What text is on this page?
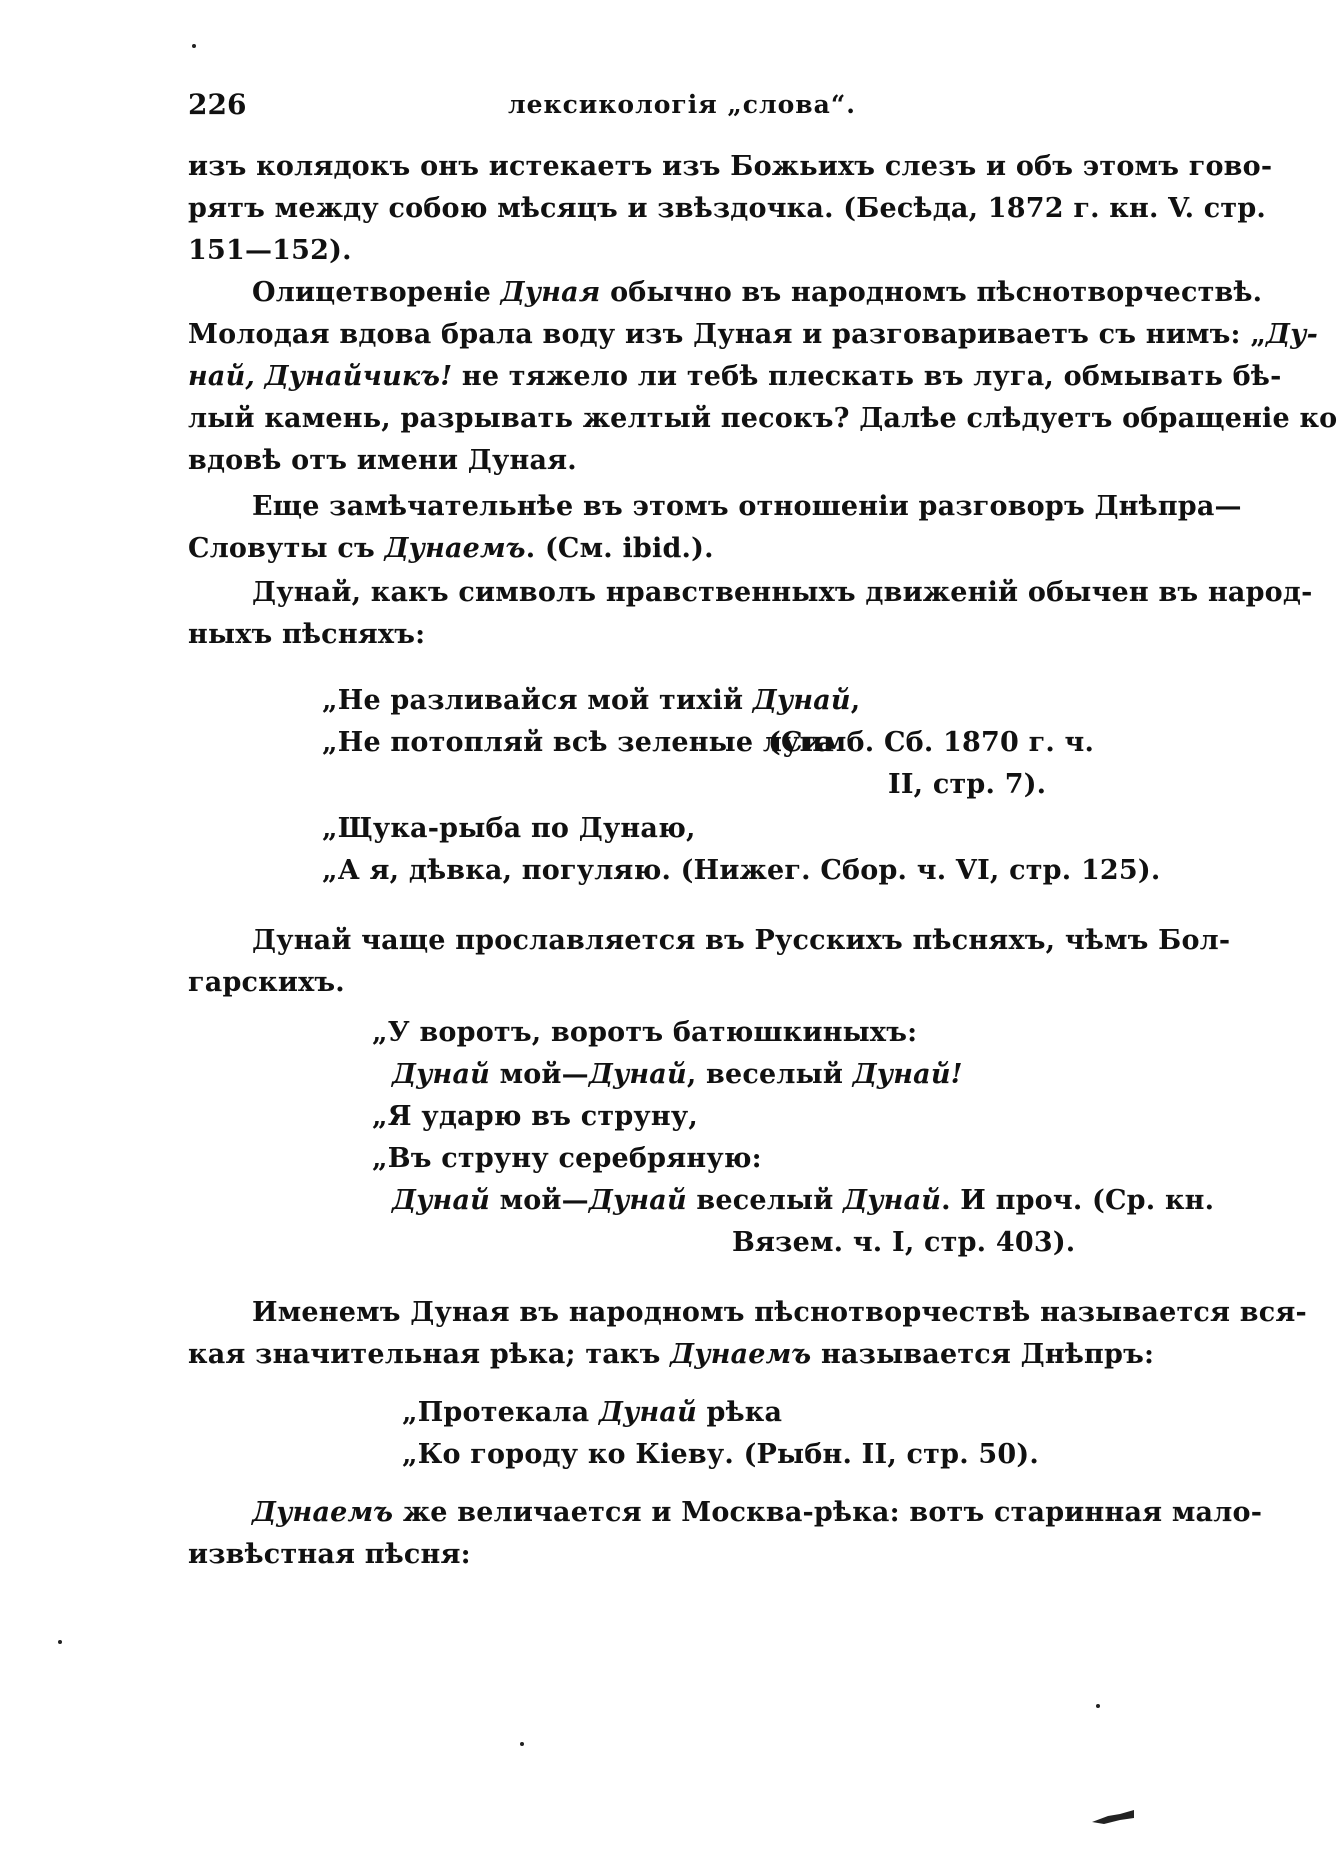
226	лексикологія „слова“.
изъ колядокъ онъ истекаетъ изъ Божьихъ слезъ и объ этомъ гово-
рятъ между собою мѣсяцъ и звѣздочка. (Бесѣда, 1872 г. кн. V. стр.
151—152).
Олицетвореніе Дуная обычно въ народномъ пѣснотворчествѣ.
Молодая вдова брала воду изъ Дуная и разговариваетъ съ нимъ: „Ду-
най, Дунайчикъ! не тяжело ли тебѣ плескать въ луга, обмывать бѣ-
лый камень, разрывать желтый песокъ? Далѣе слѣдуетъ обращеніе ко
вдовѣ отъ имени Дуная.
Еще замѣчательнѣе въ этомъ отношеніи разговоръ Днѣпра—
Словуты съ Дунаемъ. (См. ibid.).
Дунай, какъ символъ нравственныхъ движеній обычен въ народ-
ныхъ пѣсняхъ:
„Не разливайся мой тихій Дунай,
„Не потопляй всѣ зеленые луга
(Симб. Сб. 1870 г. ч.
II, стр. 7).
„Щука-рыба по Дунаю,
„А я, дѣвка, погуляю. (Нижег. Сбор. ч. VI, стр. 125).
Дунай чаще прославляется въ Русскихъ пѣсняхъ, чѣмъ Бол-
гарскихъ.
„У воротъ, воротъ батюшкиныхъ:
Дунай мой—Дунай, веселый Дунай!
„Я ударю въ струну,
„Въ струну серебряную:
Дунай мой—Дунай веселый Дунай. И проч. (Ср. кн.
Вязем. ч. I, стр. 403).
Именемъ Дуная въ народномъ пѣснотворчествѣ называется вся-
кая значительная рѣка; такъ Дунаемъ называется Днѣпръ:
„Протекала Дунай рѣка
„Ко городу ко Кіеву. (Рыбн. II, стр. 50).
Дунаемъ же величается и Москва-рѣка: вотъ старинная мало-
извѣстная пѣсня:
